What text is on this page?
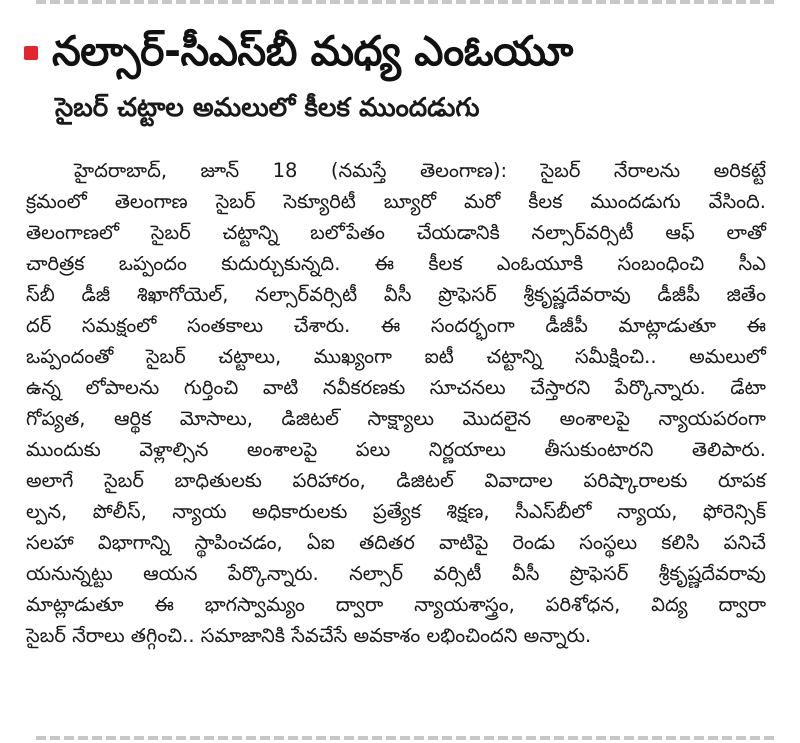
నల్సార్-సీఎస్‌బీ మధ్య ఎంఓయూ
సైబర్ చట్టాల అమలులో కీలక ముందడుగు
హైదరాబాద్, జూన్ 18 (నమస్తే తెలంగాణ): సైబర్ నేరాలను అరికట్టే
క్రమంలో తెలంగాణ సైబర్ సెక్యూరిటీ బ్యూరో మరో కీలక ముందడుగు వేసింది.
తెలంగాణలో సైబర్ చట్టాన్ని బలోపేతం చేయడానికి నల్సార్‌వర్సిటీ ఆఫ్ లాతో
చారిత్రక ఒప్పందం కుదుర్చుకున్నది. ఈ కీలక ఎంఓయూకి సంబంధించి సీఎ
స్‌బీ డీజీ శిఖాగోయెల్, నల్సార్‌వర్సిటీ వీసీ ప్రొఫెసర్ శ్రీకృష్ణదేవరావు డీజీపీ జితేం
దర్ సమక్షంలో సంతకాలు చేశారు. ఈ సందర్భంగా డీజీపీ మాట్లాడుతూ ఈ
ఒప్పందంతో సైబర్ చట్టాలు, ముఖ్యంగా ఐటీ చట్టాన్ని సమీక్షించి.. అమలులో
ఉన్న లోపాలను గుర్తించి వాటి నవీకరణకు సూచనలు చేస్తారని పేర్కొన్నారు. డేటా
గోప్యత, ఆర్థిక మోసాలు, డిజిటల్ సాక్ష్యాలు మొదలైన అంశాలపై న్యాయపరంగా
ముందుకు వెళ్లాల్సిన అంశాలపై పలు నిర్ణయాలు తీసుకుంటారని తెలిపారు.
అలాగే సైబర్ బాధితులకు పరిహారం, డిజిటల్ వివాదాల పరిష్కారాలకు రూపక
ల్పన, పోలీస్, న్యాయ అధికారులకు ప్రత్యేక శిక్షణ, సీఎస్‌బీలో న్యాయ, ఫోరెన్సిక్
సలహా విభాగాన్ని స్థాపించడం, ఏఐ తదితర వాటిపై రెండు సంస్థలు కలిసి పనిచే
యనున్నట్టు ఆయన పేర్కొన్నారు. నల్సార్ వర్సిటీ వీసీ ప్రొఫెసర్ శ్రీకృష్ణదేవరావు
మాట్లాడుతూ ఈ భాగస్వామ్యం ద్వారా న్యాయశాస్త్రం, పరిశోధన, విద్య ద్వారా
సైబర్ నేరాలు తగ్గించి.. సమాజానికి సేవచేసే అవకాశం లభించిందని అన్నారు.
